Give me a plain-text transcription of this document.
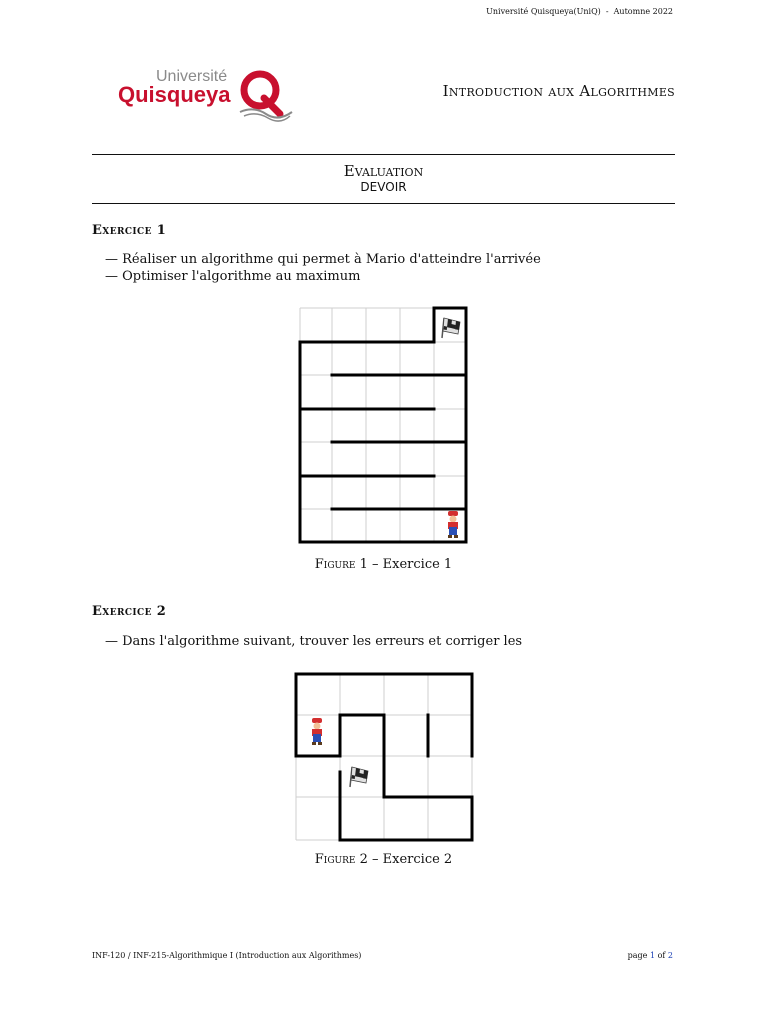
Université Quisqueya(UniQ) - Automne 2022
Université
Quisqueya	Introduction aux Algorithmes
Evaluation
DEVOIR
Exercice 1
— Réaliser un algorithme qui permet à Mario d'atteindre l'arrivée
— Optimiser l'algorithme au maximum
Figure 1 – Exercice 1
Exercice 2
— Dans l'algorithme suivant, trouver les erreurs et corriger les
Figure 2 – Exercice 2
INF-120 / INF-215-Algorithmique I (Introduction aux Algorithmes)	page 1 of 2
